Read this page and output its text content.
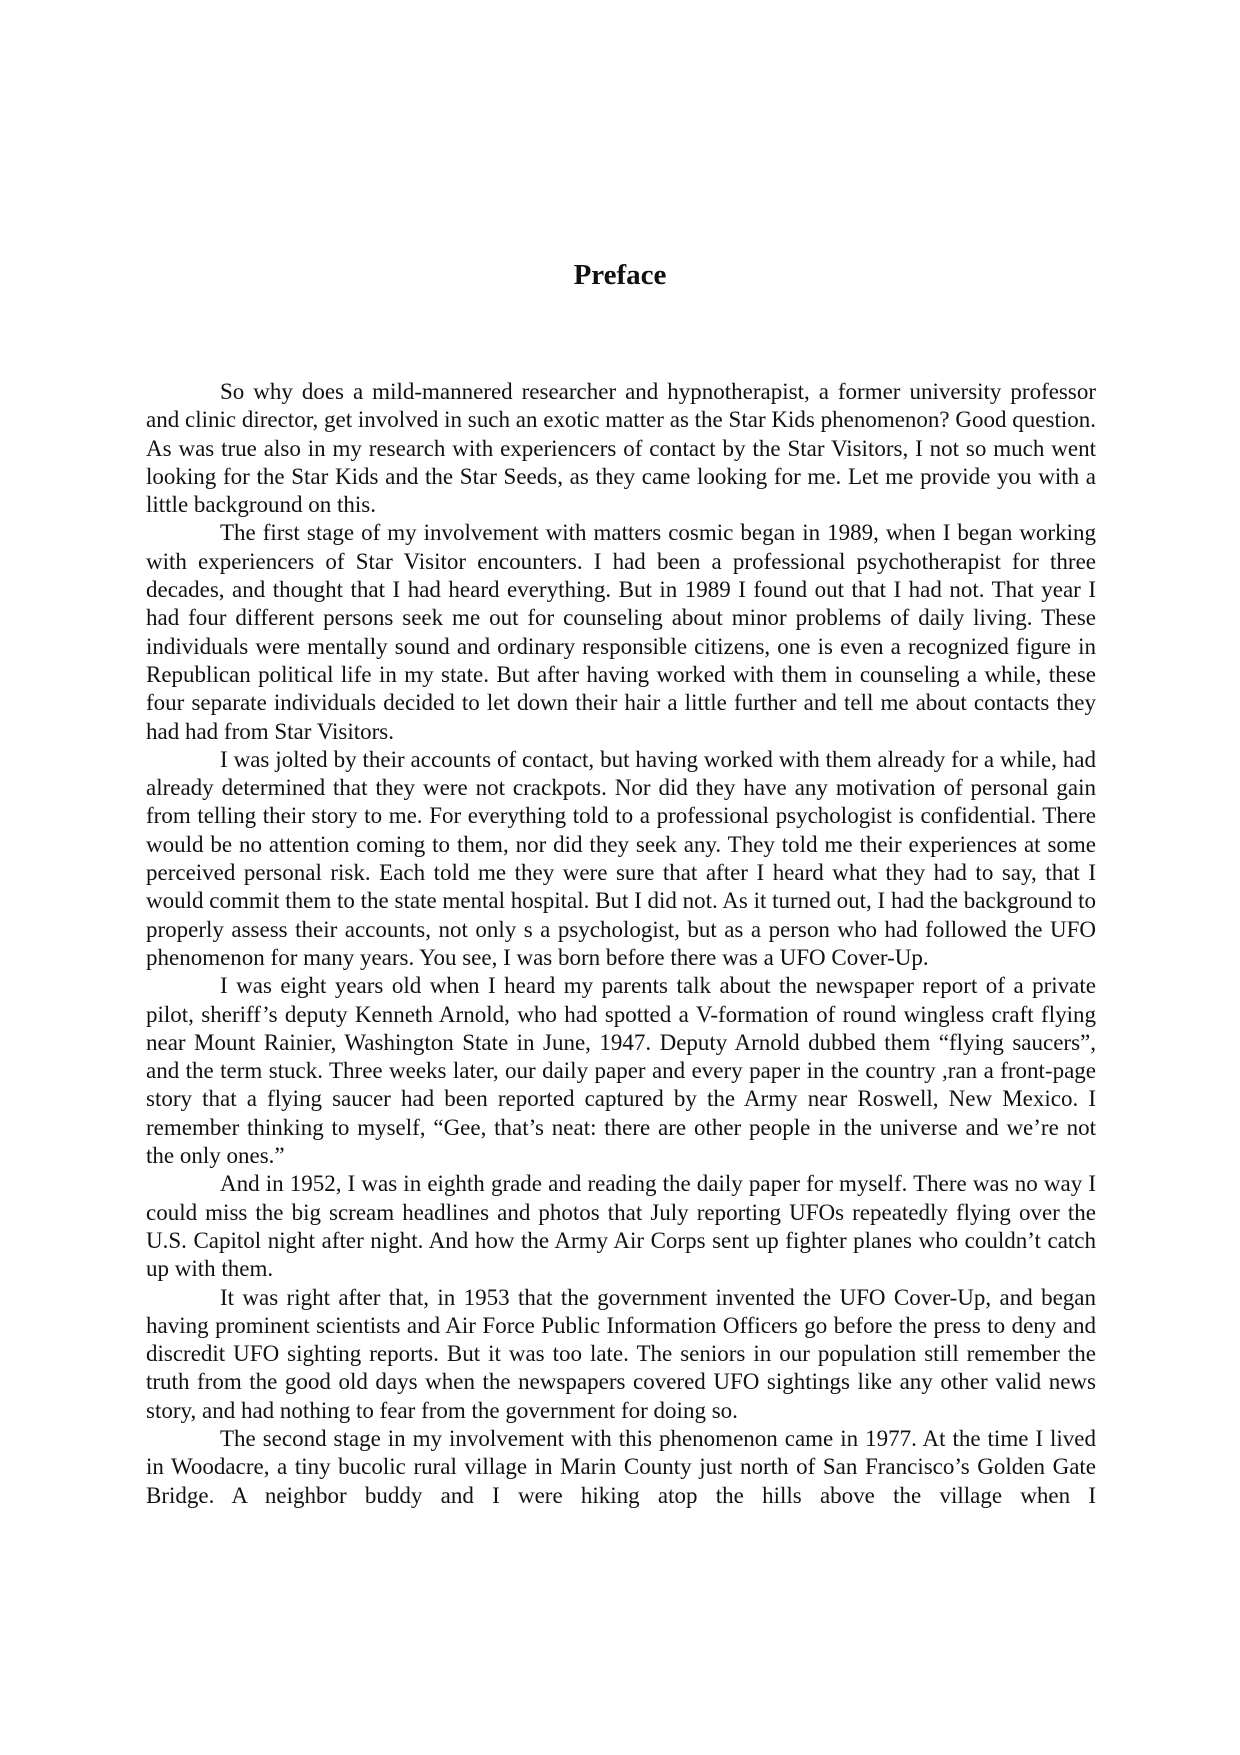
Preface

So why does a mild-mannered researcher and hypnotherapist, a former university professor and clinic director, get involved in such an exotic matter as the Star Kids phenomenon? Good question. As was true also in my research with experiencers of contact by the Star Visitors, I not so much went looking for the Star Kids and the Star Seeds, as they came looking for me. Let me provide you with a little background on this.

The first stage of my involvement with matters cosmic began in 1989, when I began working with experiencers of Star Visitor encounters. I had been a professional psychotherapist for three decades, and thought that I had heard everything. But in 1989 I found out that I had not. That year I had four different persons seek me out for counseling about minor problems of daily living. These individuals were mentally sound and ordinary responsible citizens, one is even a recognized figure in Republican political life in my state. But after having worked with them in counseling a while, these four separate individuals decided to let down their hair a little further and tell me about contacts they had had from Star Visitors.

I was jolted by their accounts of contact, but having worked with them already for a while, had already determined that they were not crackpots. Nor did they have any motivation of personal gain from telling their story to me. For everything told to a professional psychologist is confidential. There would be no attention coming to them, nor did they seek any. They told me their experiences at some perceived personal risk. Each told me they were sure that after I heard what they had to say, that I would commit them to the state mental hospital. But I did not. As it turned out, I had the background to properly assess their accounts, not only s a psychologist, but as a person who had followed the UFO phenomenon for many years. You see, I was born before there was a UFO Cover-Up.

I was eight years old when I heard my parents talk about the newspaper report of a private pilot, sheriff’s deputy Kenneth Arnold, who had spotted a V-formation of round wingless craft flying near Mount Rainier, Washington State in June, 1947. Deputy Arnold dubbed them “flying saucers”, and the term stuck. Three weeks later, our daily paper and every paper in the country ,ran a front-page story that a flying saucer had been reported captured by the Army near Roswell, New Mexico. I remember thinking to myself, “Gee, that’s neat: there are other people in the universe and we’re not the only ones.”

And in 1952, I was in eighth grade and reading the daily paper for myself. There was no way I could miss the big scream headlines and photos that July reporting UFOs repeatedly flying over the U.S. Capitol night after night. And how the Army Air Corps sent up fighter planes who couldn’t catch up with them.

It was right after that, in 1953 that the government invented the UFO Cover-Up, and began having prominent scientists and Air Force Public Information Officers go before the press to deny and discredit UFO sighting reports. But it was too late. The seniors in our population still remember the truth from the good old days when the newspapers covered UFO sightings like any other valid news story, and had nothing to fear from the government for doing so.

The second stage in my involvement with this phenomenon came in 1977. At the time I lived in Woodacre, a tiny bucolic rural village in Marin County just north of San Francisco’s Golden Gate Bridge. A neighbor buddy and I were hiking atop the hills above the village when I
